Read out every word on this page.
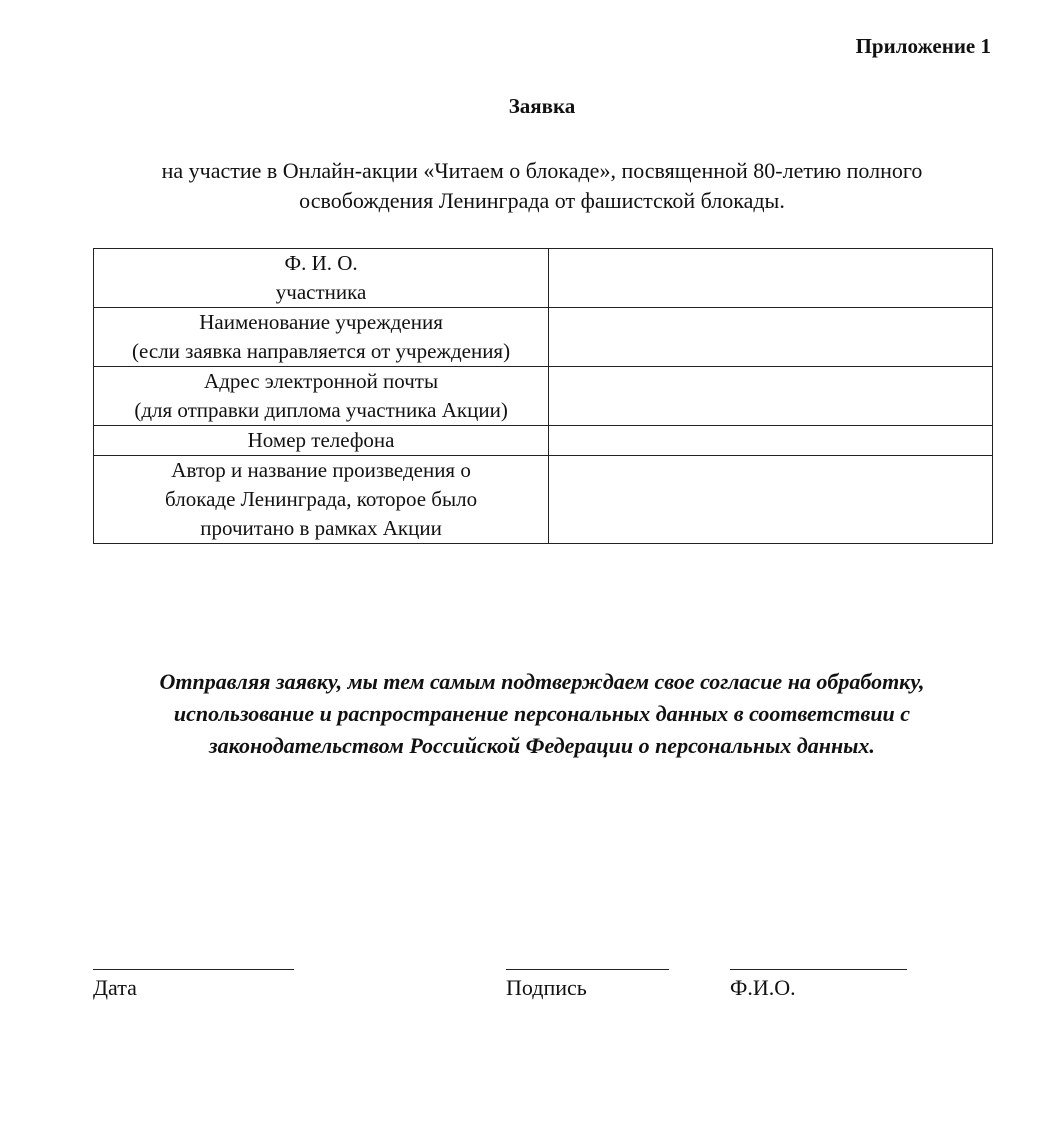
Приложение 1
Заявка
на участие в Онлайн-акции «Читаем о блокаде», посвященной 80-летию полного
освобождения Ленинграда от фашистской блокады.
Ф. И. О.
участника	

Наименование учреждения
(если заявка направляется от учреждения)	

Адрес электронной почты
(для отправки диплома участника Акции)	

Номер телефона	

Автор и название произведения о
блокаде Ленинграда, которое было
прочитано в рамках Акции	

Отправляя заявку, мы тем самым подтверждаем свое согласие на обработку,
использование и распространение персональных данных в соответствии с
законодательством Российской Федерации о персональных данных.
Дата	Подпись	Ф.И.О.
